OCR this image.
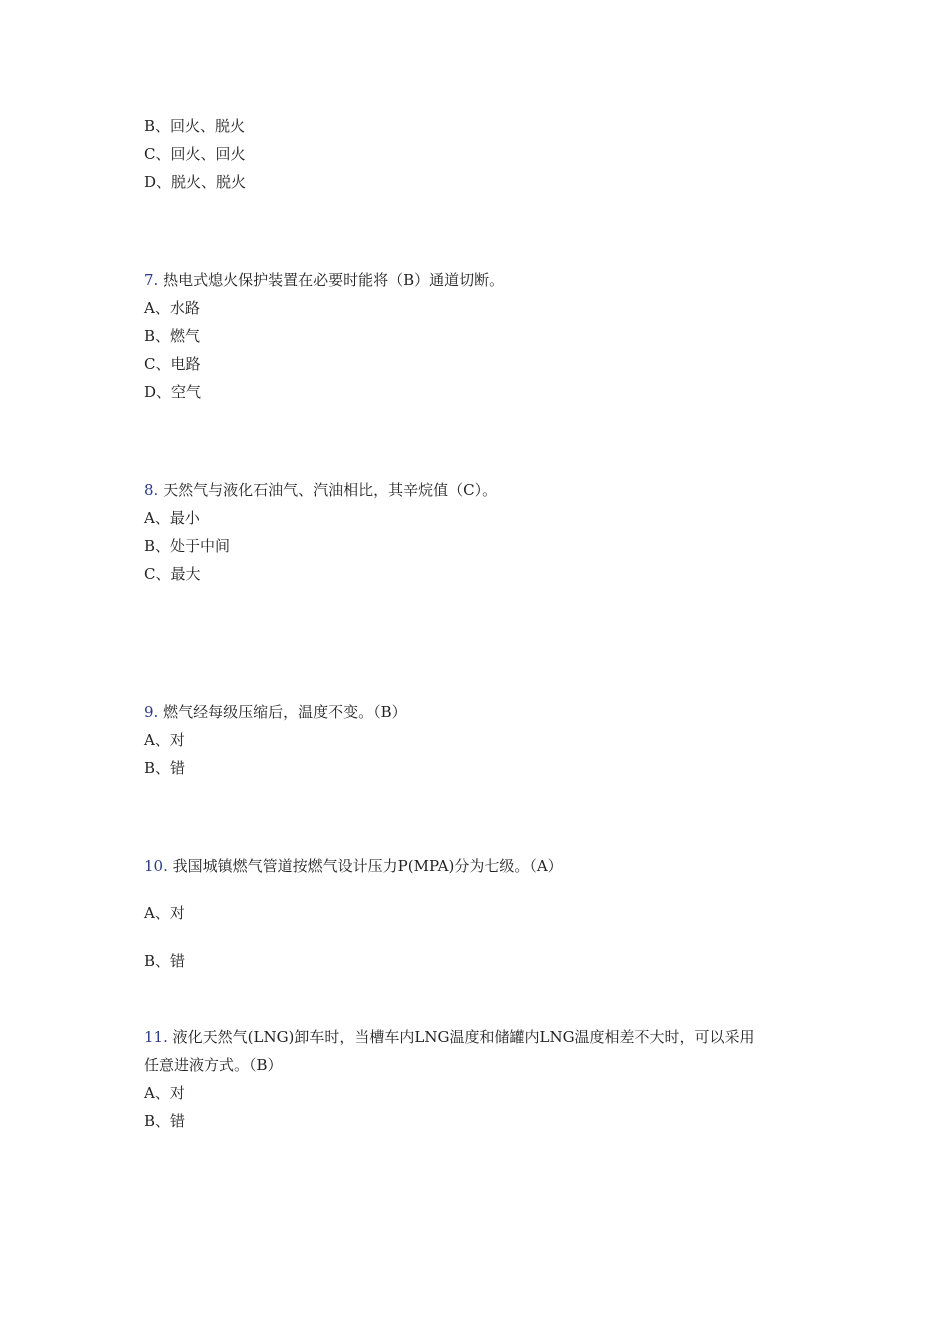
B、回火、脱火
C、回火、回火
D、脱火、脱火
7. 热电式熄火保护装置在必要时能将（B）通道切断。
A、水路
B、燃气
C、电路
D、空气
8. 天然气与液化石油气、汽油相比，其辛烷值（C）。
A、最小
B、处于中间
C、最大
9. 燃气经每级压缩后，温度不变。（B）
A、对
B、错
10. 我国城镇燃气管道按燃气设计压力P(MPA)分为七级。（A）
A、对
B、错
11. 液化天然气(LNG)卸车时，当槽车内LNG温度和储罐内LNG温度相差不大时，可以采用
任意进液方式。（B）
A、对
B、错
